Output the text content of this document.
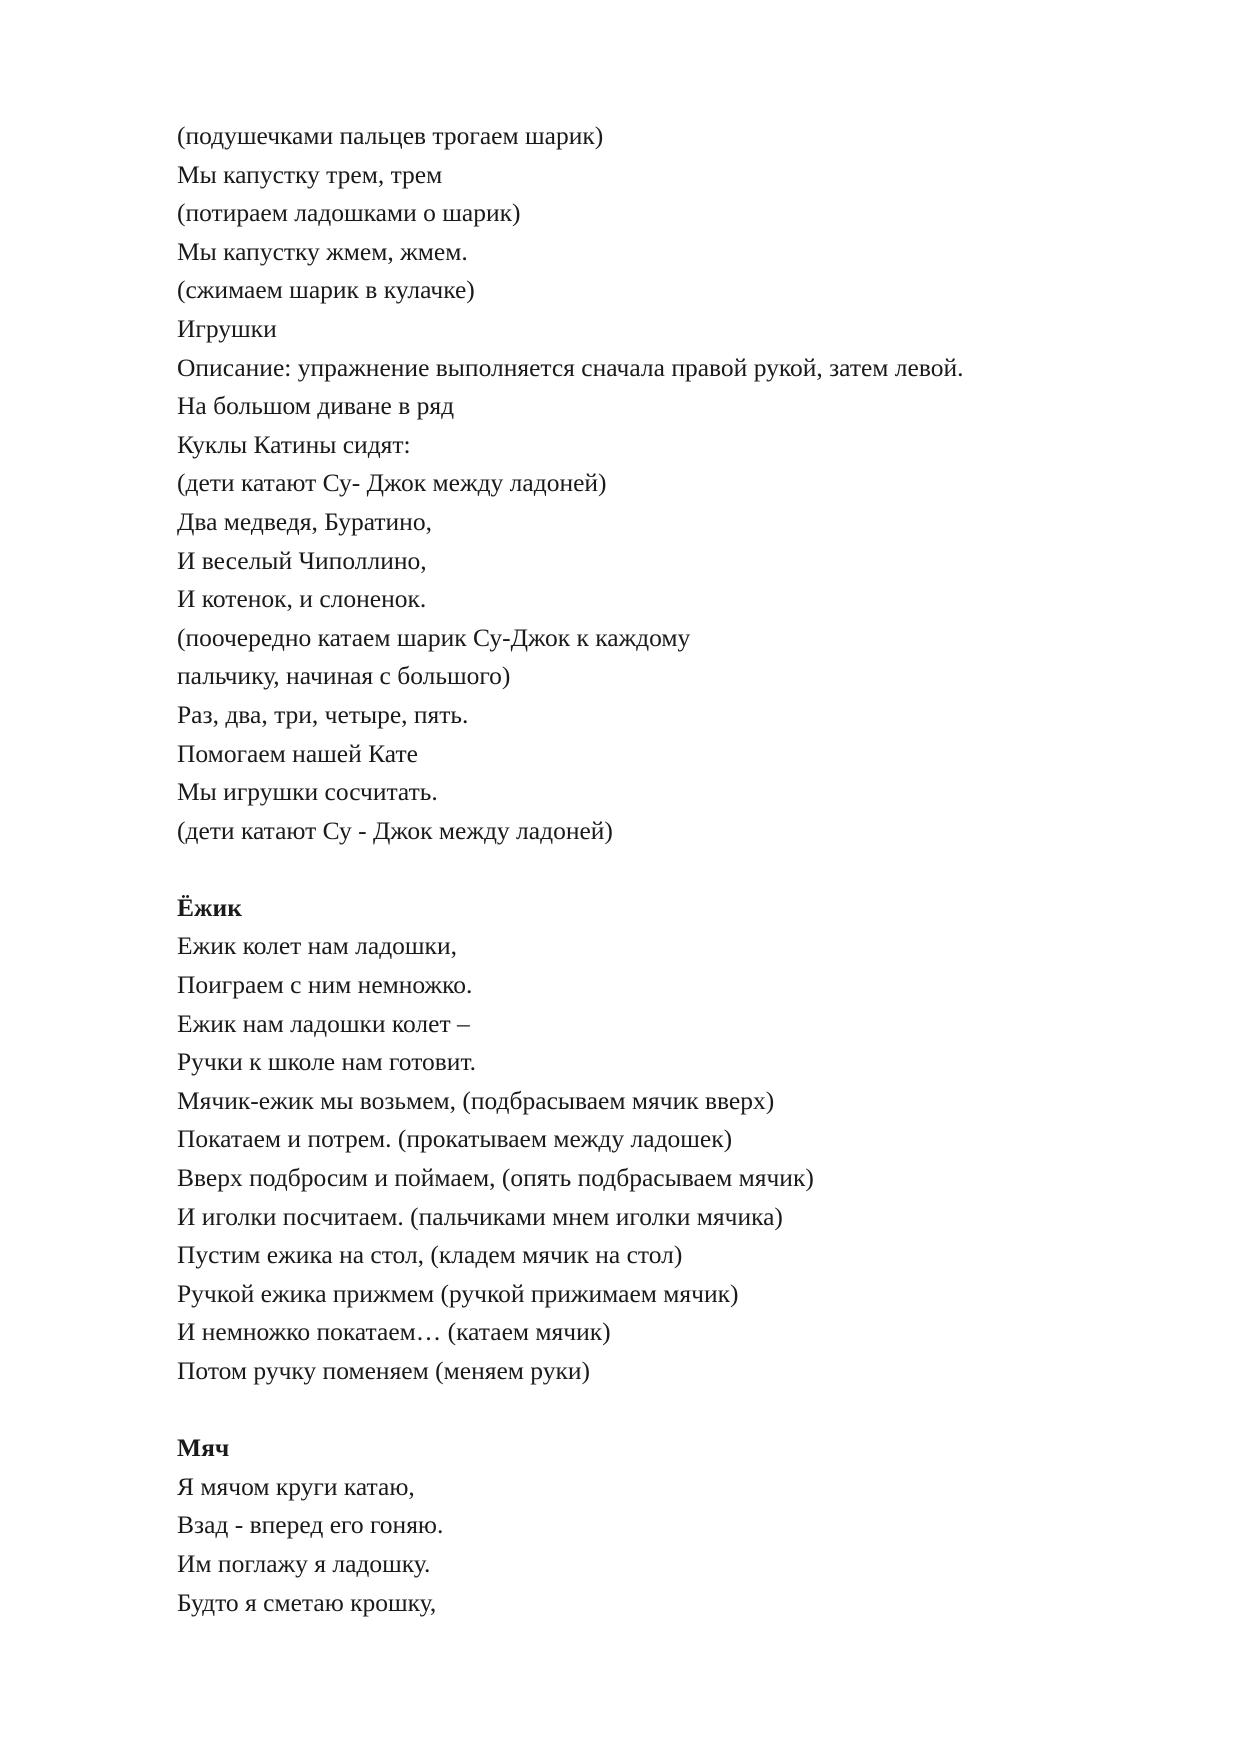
(подушечками пальцев трогаем шарик)

Мы капустку трем, трем

(потираем ладошками о шарик)

Мы капустку жмем, жмем.

(сжимаем шарик в кулачке)

Игрушки

Описание: упражнение выполняется сначала правой рукой, затем левой.

На большом диване в ряд

Куклы Катины сидят:

(дети катают Су- Джок между ладоней)

Два медведя, Буратино,

И веселый Чиполлино,

И котенок, и слоненок.

(поочередно катаем шарик Су-Джок к каждому

пальчику, начиная с большого)

Раз, два, три, четыре, пять.

Помогаем нашей Кате

Мы игрушки сосчитать.

(дети катают Су - Джок между ладоней)

Ёжик

Ежик колет нам ладошки,

Поиграем с ним немножко.

Ежик нам ладошки колет –

Ручки к школе нам готовит.

Мячик-ежик мы возьмем, (подбрасываем мячик вверх)

Покатаем и потрем. (прокатываем между ладошек)

Вверх подбросим и поймаем, (опять подбрасываем мячик)

И иголки посчитаем. (пальчиками мнем иголки мячика)

Пустим ежика на стол, (кладем мячик на стол)

Ручкой ежика прижмем (ручкой прижимаем мячик)

И немножко покатаем… (катаем мячик)

Потом ручку поменяем (меняем руки)

Мяч

Я мячом круги катаю,

Взад - вперед его гоняю.

Им поглажу я ладошку.

Будто я сметаю крошку,
